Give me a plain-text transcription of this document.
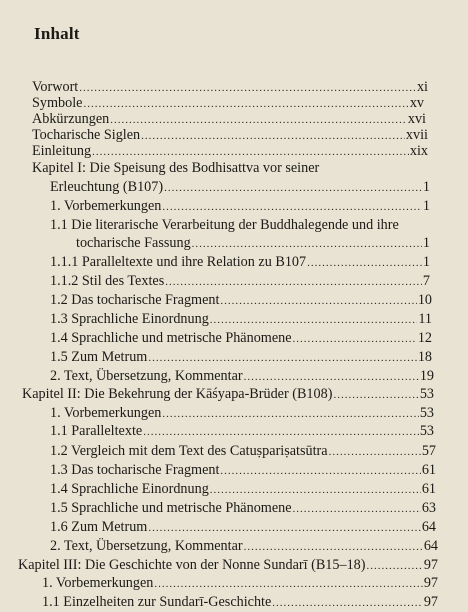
Inhalt
Vorwort .....	xi
Symbole .....	xv
Abkürzungen .....	xvi
Tocharische Siglen .....	xvii
Einleitung .....	xix
Kapitel I: Die Speisung des Bodhisattva vor seiner
Erleuchtung (B107) .....	1
1. Vorbemerkungen .....	1
1.1 Die literarische Verarbeitung der Buddhalegende und ihre
tocharische Fassung .....	1
1.1.1 Paralleltexte und ihre Relation zu B107 .....	1
1.1.2 Stil des Textes .....	7
1.2 Das tocharische Fragment .....	10
1.3 Sprachliche Einordnung .....	11
1.4 Sprachliche und metrische Phänomene .....	12
1.5 Zum Metrum .....	18
2. Text, Übersetzung, Kommentar .....	19
Kapitel II: Die Bekehrung der Kāśyapa-Brüder (B108) .....	53
1. Vorbemerkungen .....	53
1.1 Paralleltexte .....	53
1.2 Vergleich mit dem Text des Catuṣpariṣatsūtra .....	57
1.3 Das tocharische Fragment .....	61
1.4 Sprachliche Einordnung .....	61
1.5 Sprachliche und metrische Phänomene .....	63
1.6 Zum Metrum .....	64
2. Text, Übersetzung, Kommentar .....	64
Kapitel III: Die Geschichte von der Nonne Sundarī (B15–18) .....	97
1. Vorbemerkungen .....	97
1.1 Einzelheiten zur Sundarī-Geschichte .....	97
